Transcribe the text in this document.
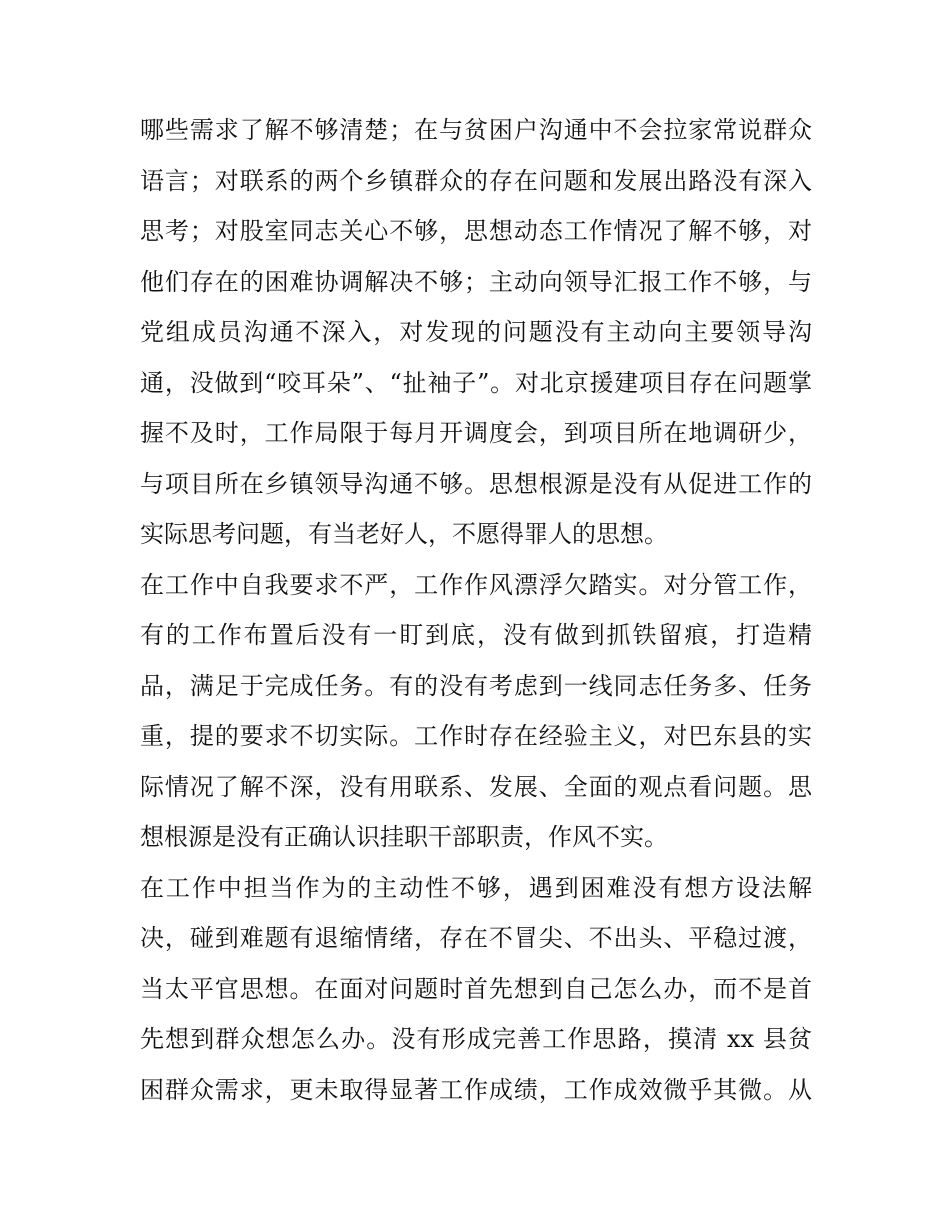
哪些需求了解不够清楚；在与贫困户沟通中不会拉家常说群众
语言；对联系的两个乡镇群众的存在问题和发展出路没有深入
思考；对股室同志关心不够，思想动态工作情况了解不够，对
他们存在的困难协调解决不够；主动向领导汇报工作不够，与
党组成员沟通不深入，对发现的问题没有主动向主要领导沟
通，没做到“咬耳朵”、“扯袖子”。对北京援建项目存在问题掌
握不及时，工作局限于每月开调度会，到项目所在地调研少，
与项目所在乡镇领导沟通不够。思想根源是没有从促进工作的
实际思考问题，有当老好人，不愿得罪人的思想。
在工作中自我要求不严，工作作风漂浮欠踏实。对分管工作，
有的工作布置后没有一盯到底，没有做到抓铁留痕，打造精
品，满足于完成任务。有的没有考虑到一线同志任务多、任务
重，提的要求不切实际。工作时存在经验主义，对巴东县的实
际情况了解不深，没有用联系、发展、全面的观点看问题。思
想根源是没有正确认识挂职干部职责，作风不实。
在工作中担当作为的主动性不够，遇到困难没有想方设法解
决，碰到难题有退缩情绪，存在不冒尖、不出头、平稳过渡，
当太平官思想。在面对问题时首先想到自己怎么办，而不是首
先想到群众想怎么办。没有形成完善工作思路，摸清 xx 县贫
困群众需求，更未取得显著工作成绩，工作成效微乎其微。从
